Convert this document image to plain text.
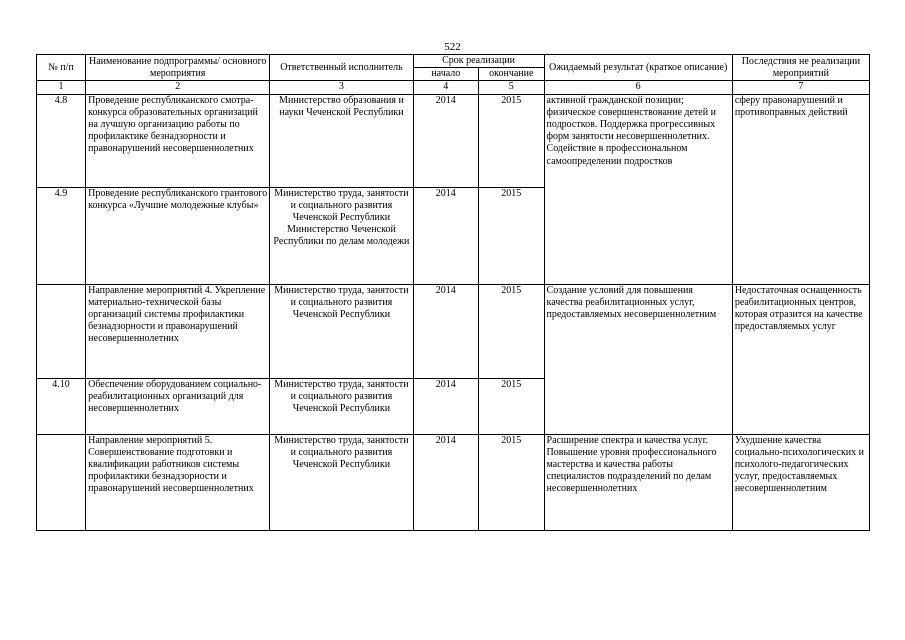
522
№ п/п	Наименование подпрограммы/ основного мероприятия	Ответственный исполнитель	Срок реализации		Ожидаемый результат (краткое описание)	Последствия не реализации мероприятий
			начало	окончание		
1	2	3	4	5	6	7
4.8	Проведение республиканского смотра-конкурса образовательных организаций на лучшую организацию работы по профилактике безнадзорности и правонарушений несовершеннолетних	Министерство образования и науки Чеченской Республики	2014	2015	активной гражданской позиции; физическое совершенствование детей и подростков. Поддержка прогрессивных форм занятости несовершеннолетних. Содействие в профессиональном самоопределении подростков	сферу правонарушений и противоправных действий
4.9	Проведение республиканского грантового конкурса «Лучшие молодежные клубы»	Министерство труда, занятости и социального развития Чеченской Республики Министерство Чеченской Республики по делам молодежи	2014	2015		
	Направление мероприятий 4. Укрепление материально-технической базы организаций системы профилактики безнадзорности и правонарушений несовершеннолетних	Министерство труда, занятости и социального развития Чеченской Республики	2014	2015	Создание условий для повышения качества реабилитационных услуг, предоставляемых несовершеннолетним	Недостаточная оснащенность реабилитационных центров, которая отразится на качестве предоставляемых услуг
4.10	Обеспечение оборудованием социально-реабилитационных организаций для несовершеннолетних	Министерство труда, занятости и социального развития Чеченской Республики	2014	2015		
	Направление мероприятий 5. Совершенствование подготовки и квалификации работников системы профилактики безнадзорности и правонарушений несовершеннолетних	Министерство труда, занятости и социального развития Чеченской Республики	2014	2015	Расширение спектра и качества услуг. Повышение уровня профессионального мастерства и качества работы специалистов подразделений по делам несовершеннолетних	Ухудшение качества социально-психологических и психолого-педагогических услуг, предоставляемых несовершеннолетним
